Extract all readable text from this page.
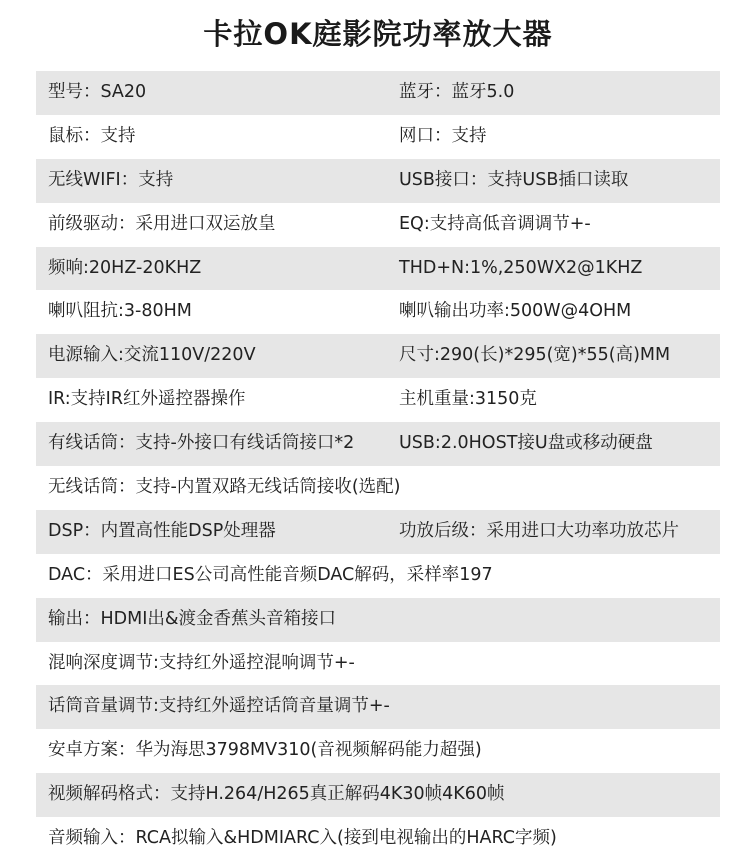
卡拉OK庭影院功率放大器
型号：SA20	蓝牙：蓝牙5.0
鼠标：支持	网口：支持
无线WIFI：支持	USB接口：支持USB插口读取
前级驱动：采用进口双运放皇	EQ:支持高低音调调节+-
频响:20HZ-20KHZ	THD+N:1%,250WX2@1KHZ
喇叭阻抗:3-80HM	喇叭输出功率:500W@4OHM
电源输入:交流110V/220V	尺寸:290(长)*295(宽)*55(高)MM
IR:支持IR红外遥控器操作	主机重量:3150克
有线话筒：支持-外接口有线话筒接口*2	USB:2.0HOST接U盘或移动硬盘
无线话筒：支持-内置双路无线话筒接收(选配)
DSP：内置高性能DSP处理器	功放后级：采用进口大功率功放芯片
DAC：采用进口ES公司高性能音频DAC解码，采样率197
输出：HDMI出&渡金香蕉头音箱接口
混响深度调节:支持红外遥控混响调节+-
话筒音量调节:支持红外遥控话筒音量调节+-
安卓方案：华为海思3798MV310(音视频解码能力超强)
视频解码格式：支持H.264/H265真正解码4K30帧4K60帧
音频输入：RCA拟输入&HDMIARC入(接到电视输出的HARC字频)
